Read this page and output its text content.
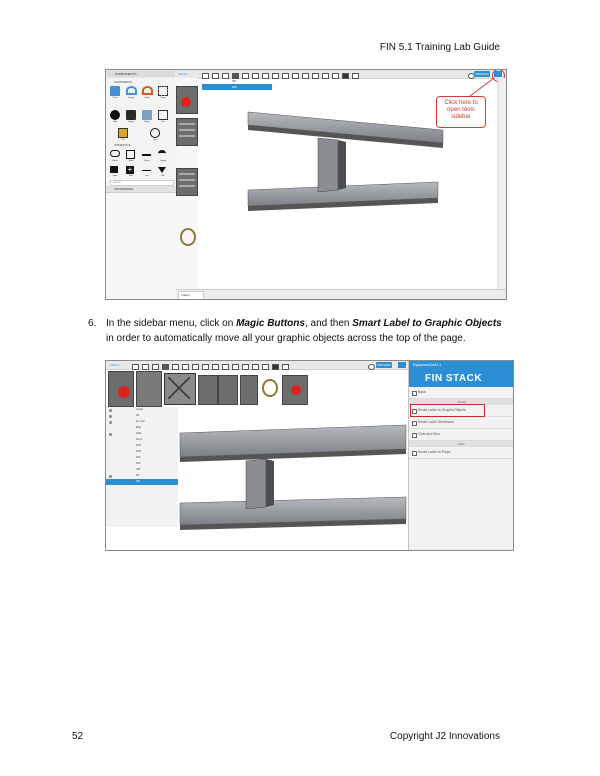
FIN 5.1 Training Lab Guide
COMPONENTS	FIN 5.1	PREVIEW
COMPONENTS
Chart	Gauge	Graph	Group
Help	Image	Magic	Nav
Pie	Time
INTERACTIVE
Button	Slider	Switch	Toggle
+
Input	Add	Line	Wifi
Search
PROPERTIES
SP
DM
Click here to open tools sidebar
Graphic
6. In the sidebar menu, click on Magic Buttons, and then Smart Label to Graphic Objects in order to automatically move all your graphic objects across the top of the page.
FIN 5.1	PREVIEW
Cooler
SP
Fix Unit
Bldg
ZAM
Temp
RH1
RH2
DAT
DAT
SAT
SP
DM
Equipment AHU-1
FIN STACK
Back
Global
Smart Label to GraphicObjects
Smart Label Shorthand
Overview Box
Misc
Smart Label to Pulps
52	Copyright J2 Innovations
